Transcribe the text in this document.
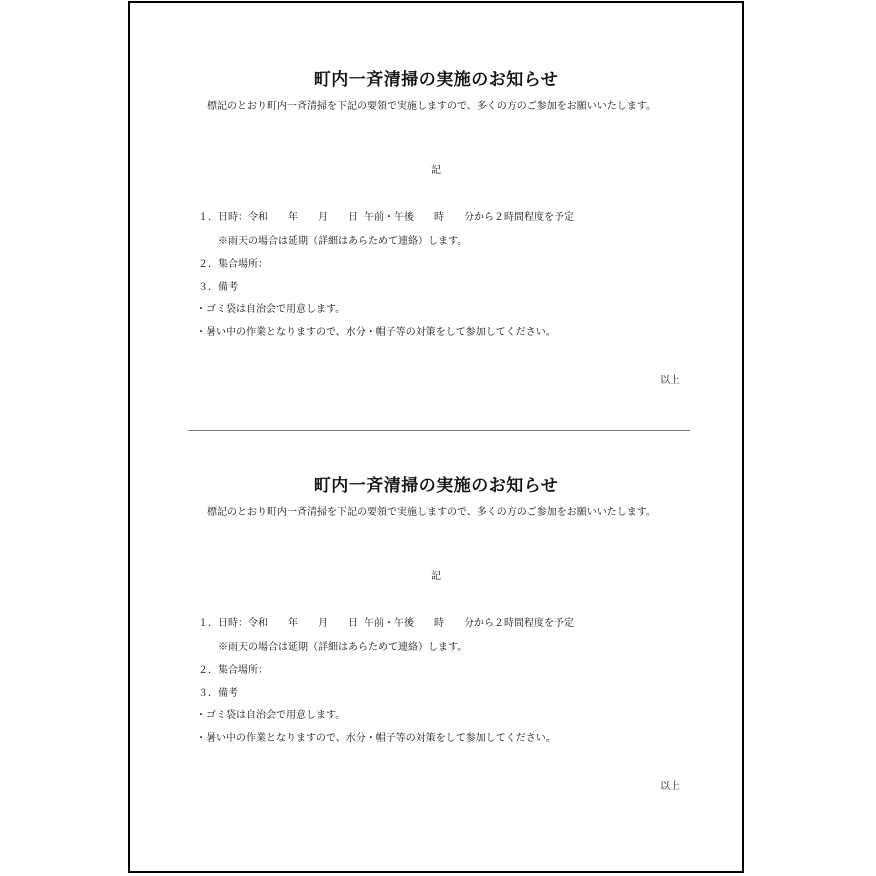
町内一斉清掃の実施のお知らせ

標記のとおり町内一斉清掃を下記の要領で実施しますので、多くの方のご参加をお願いいたします。

記

１．日時：令和 年 月 日 午前・午後 時 分から２時間程度を予定

※雨天の場合は延期（詳細はあらためて連絡）します。

２．集合場所：

３．備考

・ゴミ袋は自治会で用意します。

・暑い中の作業となりますので、水分・帽子等の対策をして参加してください。

以上

町内一斉清掃の実施のお知らせ

標記のとおり町内一斉清掃を下記の要領で実施しますので、多くの方のご参加をお願いいたします。

記

１．日時：令和 年 月 日 午前・午後 時 分から２時間程度を予定

※雨天の場合は延期（詳細はあらためて連絡）します。

２．集合場所：

３．備考

・ゴミ袋は自治会で用意します。

・暑い中の作業となりますので、水分・帽子等の対策をして参加してください。

以上
